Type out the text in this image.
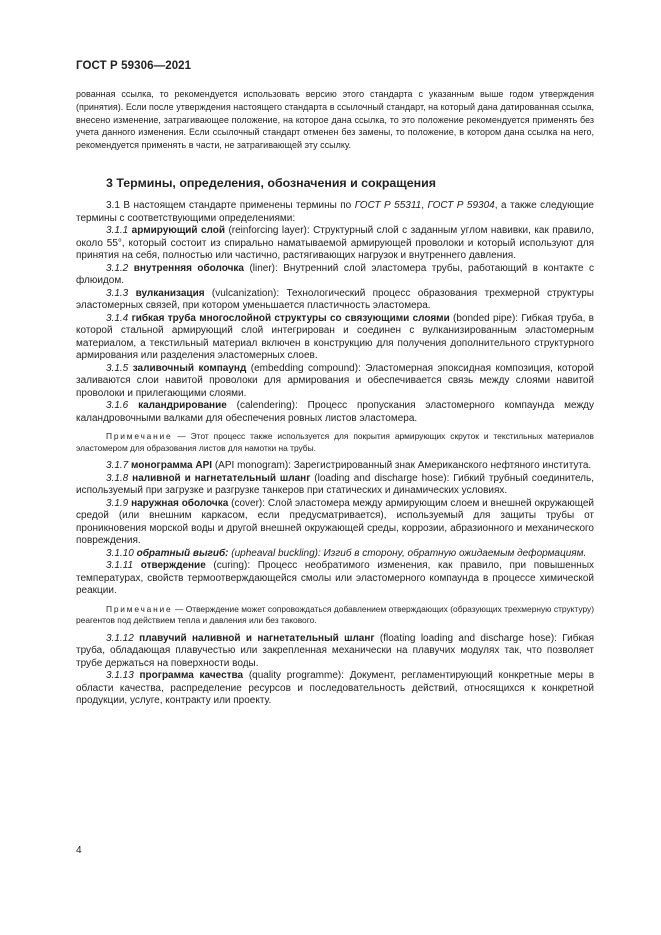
ГОСТ Р 59306—2021
рованная ссылка, то рекомендуется использовать версию этого стандарта с указанным выше годом утверждения (принятия). Если после утверждения настоящего стандарта в ссылочный стандарт, на который дана датированная ссылка, внесено изменение, затрагивающее положение, на которое дана ссылка, то это положение рекомендуется применять без учета данного изменения. Если ссылочный стандарт отменен без замены, то положение, в котором дана ссылка на него, рекомендуется применять в части, не затрагивающей эту ссылку.
3 Термины, определения, обозначения и сокращения

3.1 В настоящем стандарте применены термины по ГОСТ Р 55311, ГОСТ Р 59304, а также следующие термины с соответствующими определениями:

3.1.1 армирующий слой (reinforcing layer): Структурный слой с заданным углом навивки, как правило, около 55°, который состоит из спирально наматываемой армирующей проволоки и который используют для принятия на себя, полностью или частично, растягивающих нагрузок и внутреннего давления.

3.1.2 внутренняя оболочка (liner): Внутренний слой эластомера трубы, работающий в контакте с флюидом.

3.1.3 вулканизация (vulcanization): Технологический процесс образования трехмерной структуры эластомерных связей, при котором уменьшается пластичность эластомера.

3.1.4 гибкая труба многослойной структуры со связующими слоями (bonded pipe): Гибкая труба, в которой стальной армирующий слой интегрирован и соединен с вулканизированным эластомерным материалом, а текстильный материал включен в конструкцию для получения дополнительного структурного армирования или разделения эластомерных слоев.

3.1.5 заливочный компаунд (embedding compound): Эластомерная эпоксидная композиция, которой заливаются слои навитой проволоки для армирования и обеспечивается связь между слоями навитой проволоки и прилегающими слоями.

3.1.6 каландрирование (calendering): Процесс пропускания эластомерного компаунда между каландровочными валками для обеспечения ровных листов эластомера.

Примечание — Этот процесс также используется для покрытия армирующих скруток и текстильных материалов эластомером для образования листов для намотки на трубы.

3.1.7 монограмма API (API monogram): Зарегистрированный знак Американского нефтяного института.

3.1.8 наливной и нагнетательный шланг (loading and discharge hose): Гибкий трубный соединитель, используемый при загрузке и разгрузке танкеров при статических и динамических условиях.

3.1.9 наружная оболочка (cover): Слой эластомера между армирующим слоем и внешней окружающей средой (или внешним каркасом, если предусматривается), используемый для защиты трубы от проникновения морской воды и другой внешней окружающей среды, коррозии, абразионного и механического повреждения.

3.1.10 обратный выгиб: (upheaval buckling): Изгиб в сторону, обратную ожидаемым деформациям.

3.1.11 отверждение (curing): Процесс необратимого изменения, как правило, при повышенных температурах, свойств термоотверждающейся смолы или эластомерного компаунда в процессе химической реакции.

Примечание — Отверждение может сопровождаться добавлением отверждающих (образующих трехмерную структуру) реагентов под действием тепла и давления или без такового.

3.1.12 плавучий наливной и нагнетательный шланг (floating loading and discharge hose): Гибкая труба, обладающая плавучестью или закрепленная механически на плавучих модулях так, что позволяет трубе держаться на поверхности воды.

3.1.13 программа качества (quality programme): Документ, регламентирующий конкретные меры в области качества, распределение ресурсов и последовательность действий, относящихся к конкретной продукции, услуге, контракту или проекту.

4
